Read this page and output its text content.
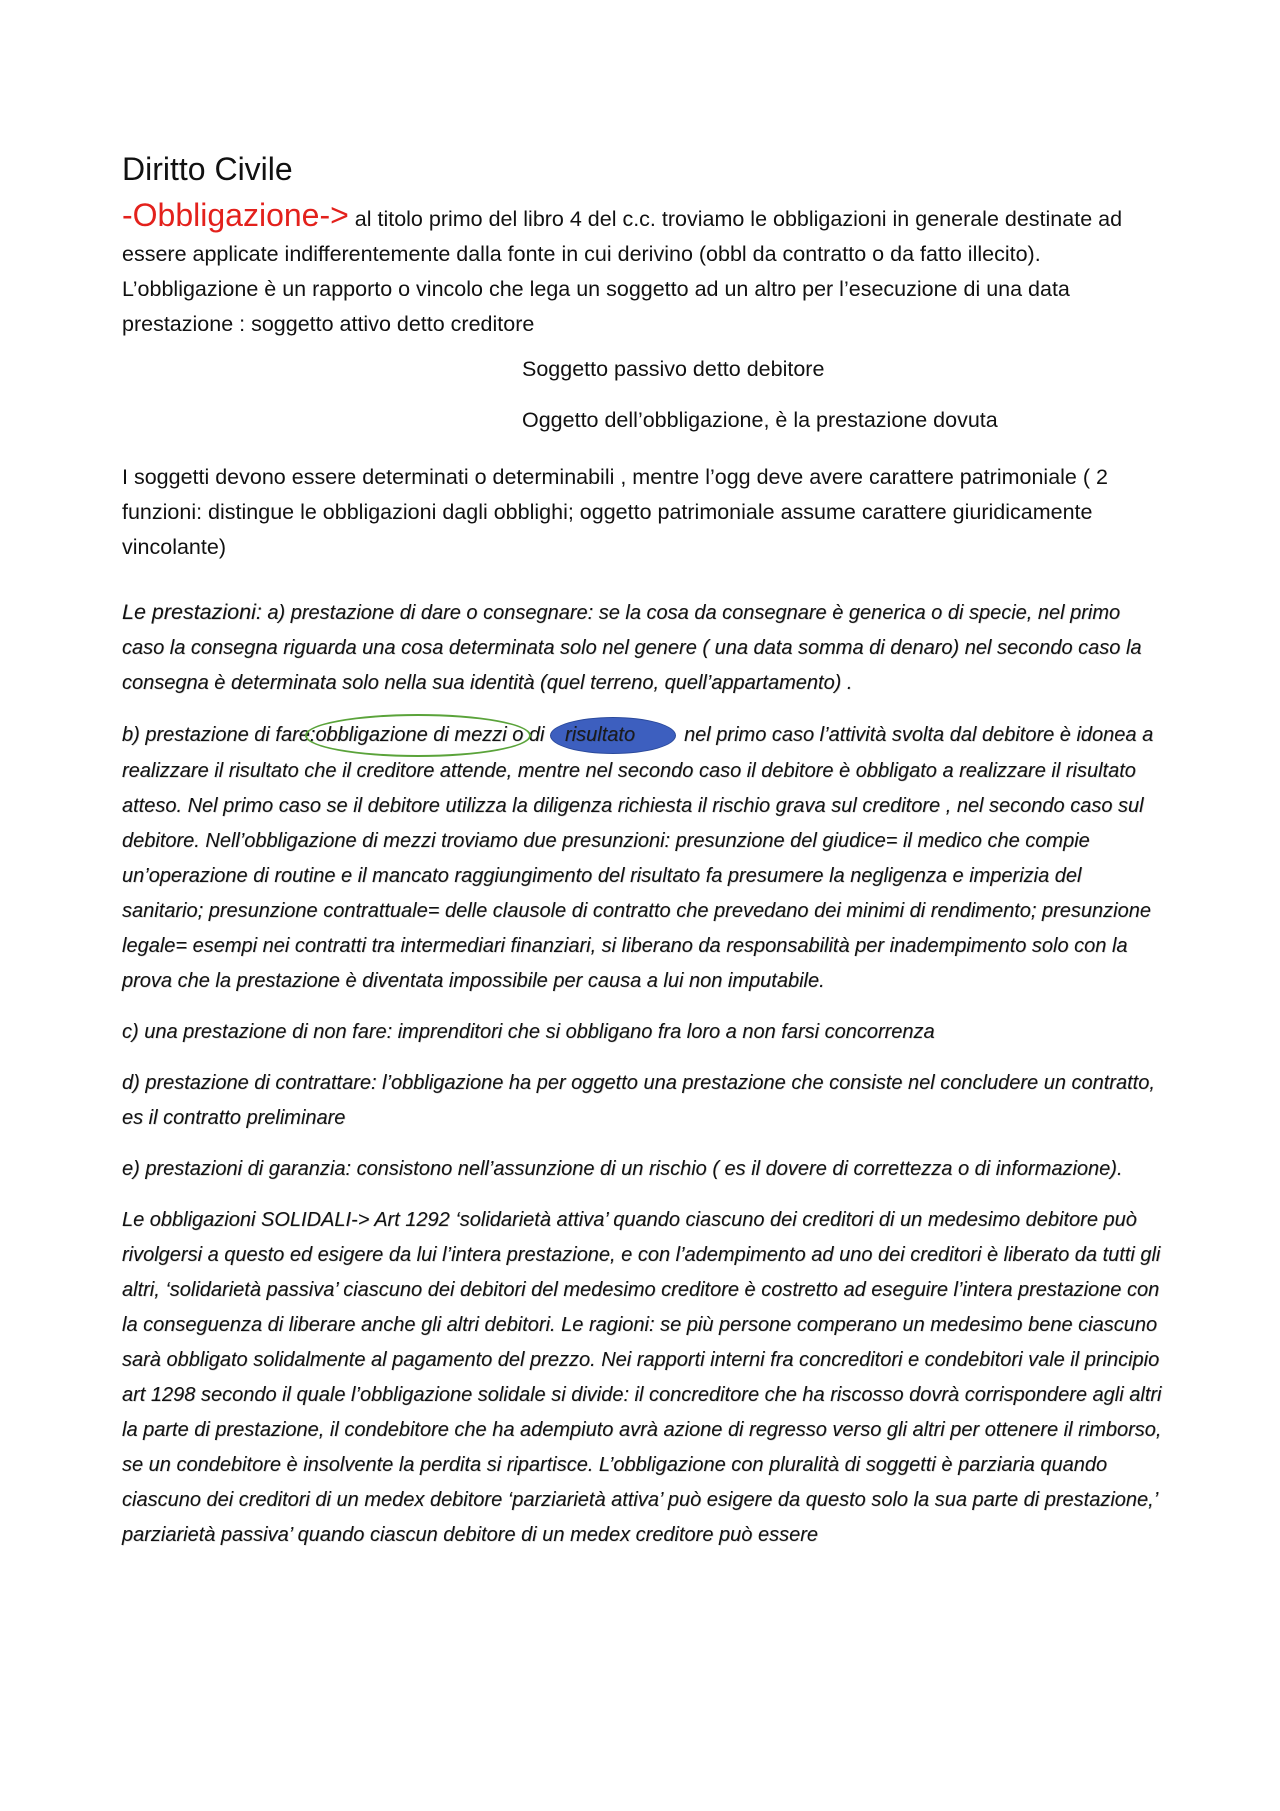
Diritto Civile

-Obbligazione-> al titolo primo del libro 4 del c.c. troviamo le obbligazioni in generale destinate ad essere applicate indifferentemente dalla fonte in cui derivino (obbl da contratto o da fatto illecito). L’obbligazione è un rapporto o vincolo che lega un soggetto ad un altro per l’esecuzione di una data prestazione : soggetto attivo detto creditore

Soggetto passivo detto debitore

Oggetto dell’obbligazione, è la prestazione dovuta

I soggetti devono essere determinati o determinabili , mentre l’ogg deve avere carattere patrimoniale ( 2 funzioni: distingue le obbligazioni dagli obblighi; oggetto patrimoniale assume carattere giuridicamente vincolante)

Le prestazioni: a) prestazione di dare o consegnare: se la cosa da consegnare è generica o di specie, nel primo caso la consegna riguarda una cosa determinata solo nel genere ( una data somma di denaro) nel secondo caso la consegna è determinata solo nella sua identità (quel terreno, quell’appartamento) .

b) prestazione di fare:obbligazione di mezzi o di risultato nel primo caso l’attività svolta dal debitore è idonea a realizzare il risultato che il creditore attende, mentre nel secondo caso il debitore è obbligato a realizzare il risultato atteso. Nel primo caso se il debitore utilizza la diligenza richiesta il rischio grava sul creditore , nel secondo caso sul debitore. Nell’obbligazione di mezzi troviamo due presunzioni: presunzione del giudice= il medico che compie un’operazione di routine e il mancato raggiungimento del risultato fa presumere la negligenza e imperizia del sanitario; presunzione contrattuale= delle clausole di contratto che prevedano dei minimi di rendimento; presunzione legale= esempi nei contratti tra intermediari finanziari, si liberano da responsabilità per inadempimento solo con la prova che la prestazione è diventata impossibile per causa a lui non imputabile.

c) una prestazione di non fare: imprenditori che si obbligano fra loro a non farsi concorrenza

d) prestazione di contrattare: l’obbligazione ha per oggetto una prestazione che consiste nel concludere un contratto, es il contratto preliminare

e) prestazioni di garanzia: consistono nell’assunzione di un rischio ( es il dovere di correttezza o di informazione).

Le obbligazioni SOLIDALI-> Art 1292 ‘solidarietà attiva’ quando ciascuno dei creditori di un medesimo debitore può rivolgersi a questo ed esigere da lui l’intera prestazione, e con l’adempimento ad uno dei creditori è liberato da tutti gli altri, ‘solidarietà passiva’ ciascuno dei debitori del medesimo creditore è costretto ad eseguire l’intera prestazione con la conseguenza di liberare anche gli altri debitori. Le ragioni: se più persone comperano un medesimo bene ciascuno sarà obbligato solidalmente al pagamento del prezzo. Nei rapporti interni fra concreditori e condebitori vale il principio art 1298 secondo il quale l’obbligazione solidale si divide: il concreditore che ha riscosso dovrà corrispondere agli altri la parte di prestazione, il condebitore che ha adempiuto avrà azione di regresso verso gli altri per ottenere il rimborso, se un condebitore è insolvente la perdita si ripartisce. L’obbligazione con pluralità di soggetti è parziaria quando ciascuno dei creditori di un medex debitore ‘parziarietà attiva’ può esigere da questo solo la sua parte di prestazione,’ parziarietà passiva’ quando ciascun debitore di un medex creditore può essere
